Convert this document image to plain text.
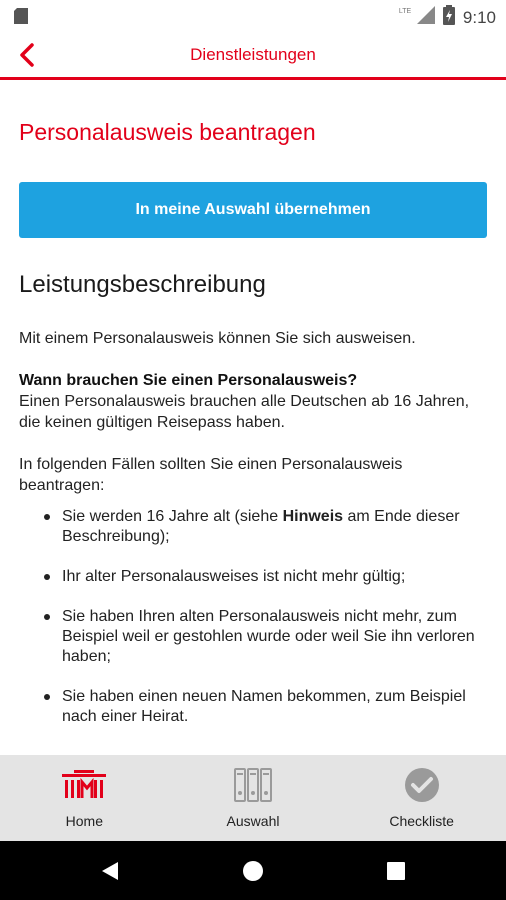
LTE	9:10
Dienstleistungen
Personalausweis beantragen
In meine Auswahl übernehmen
Leistungsbeschreibung

Mit einem Personalausweis können Sie sich ausweisen.

Wann brauchen Sie einen Personalausweis?

Einen Personalausweis brauchen alle Deutschen ab 16 Jahren, die keinen gültigen Reisepass haben.

In folgenden Fällen sollten Sie einen Personalausweis beantragen:

Sie werden 16 Jahre alt (siehe Hinweis am Ende dieser Beschreibung);
Ihr alter Personalausweises ist nicht mehr gültig;
Sie haben Ihren alten Personalausweis nicht mehr, zum Beispiel weil er gestohlen wurde oder weil Sie ihn verloren haben;
Sie haben einen neuen Namen bekommen, zum Beispiel nach einer Heirat.

Home	Auswahl	Checkliste
